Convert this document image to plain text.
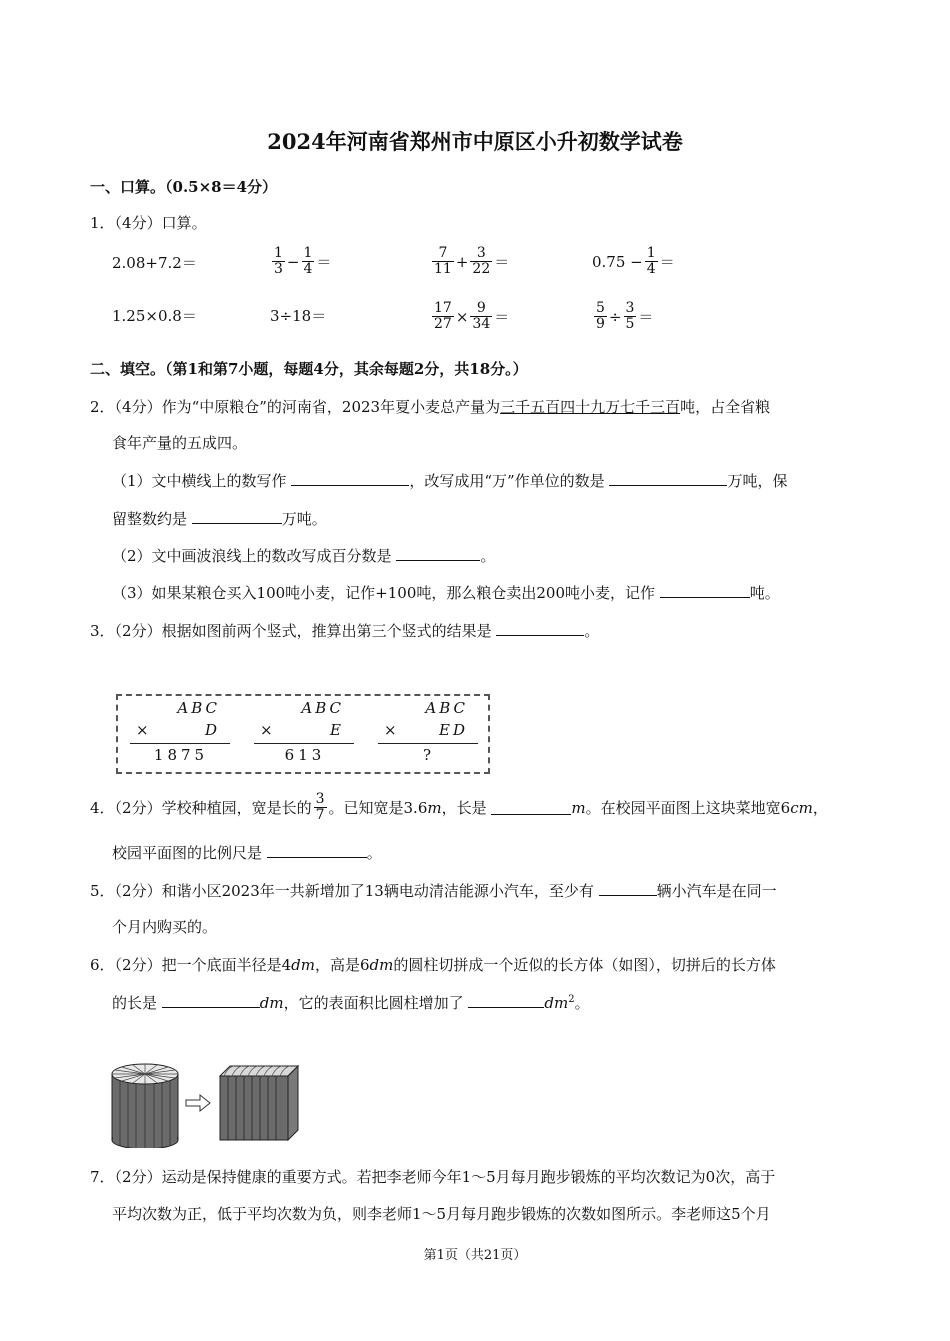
2024年河南省郑州市中原区小升初数学试卷
一、口算。（0.5×8＝4分）
1．（4分）口算。
2.08+7.2＝	$\frac{1}{3} - \frac{1}{4}$ ＝	$\frac{7}{11} + \frac{3}{22}$ ＝	$0.75 - \frac{1}{4}$ ＝
1.25×0.8＝	3÷18＝	$\frac{17}{27} \times \frac{9}{34}$ ＝	$\frac{5}{9} \div \frac{3}{5}$ ＝
二、填空。（第1和第7小题，每题4分，其余每题2分，共18分。）
2．（4分）作为“中原粮仓”的河南省，2023年夏小麦总产量为三千五百四十九万七千三百吨，占全省粮
食年产量的五成四。
（1）文中横线上的数写作	，改写成用“万”作单位的数是	万吨，保
留整数约是	万吨。
（2）文中画波浪线上的数改写成百分数是	。
（3）如果某粮仓买入100吨小麦，记作+100吨，那么粮仓卖出200吨小麦，记作	吨。
3．（2分）根据如图前两个竖式，推算出第三个竖式的结果是	。
ABC
×	D
1875
ABC
×	E
613
ABC
×	ED
?
4．（2分）学校种植园，宽是长的 $\frac{3}{7}$ 。已知宽是3.6 m ，长是
	m 。在校园平面图上这块菜地宽6 cm ，
校园平面图的比例尺是	。
5．（2分）和谐小区2023年一共新增加了13辆电动清洁能源小汽车，至少有	辆小汽车是在同一
个月内购买的。
6．（2分）把一个底面半径是4dm，高是6dm的圆柱切拼成一个近似的长方体（如图），切拼后的长方体
的长是	dm，它的表面积比圆柱增加了	$dm^2$。
7．（2分）运动是保持健康的重要方式。若把李老师今年1～5月每月跑步锻炼的平均次数记为0次，高于
平均次数为正，低于平均次数为负，则李老师1～5月每月跑步锻炼的次数如图所示。李老师这5个月
第1页（共21页）
